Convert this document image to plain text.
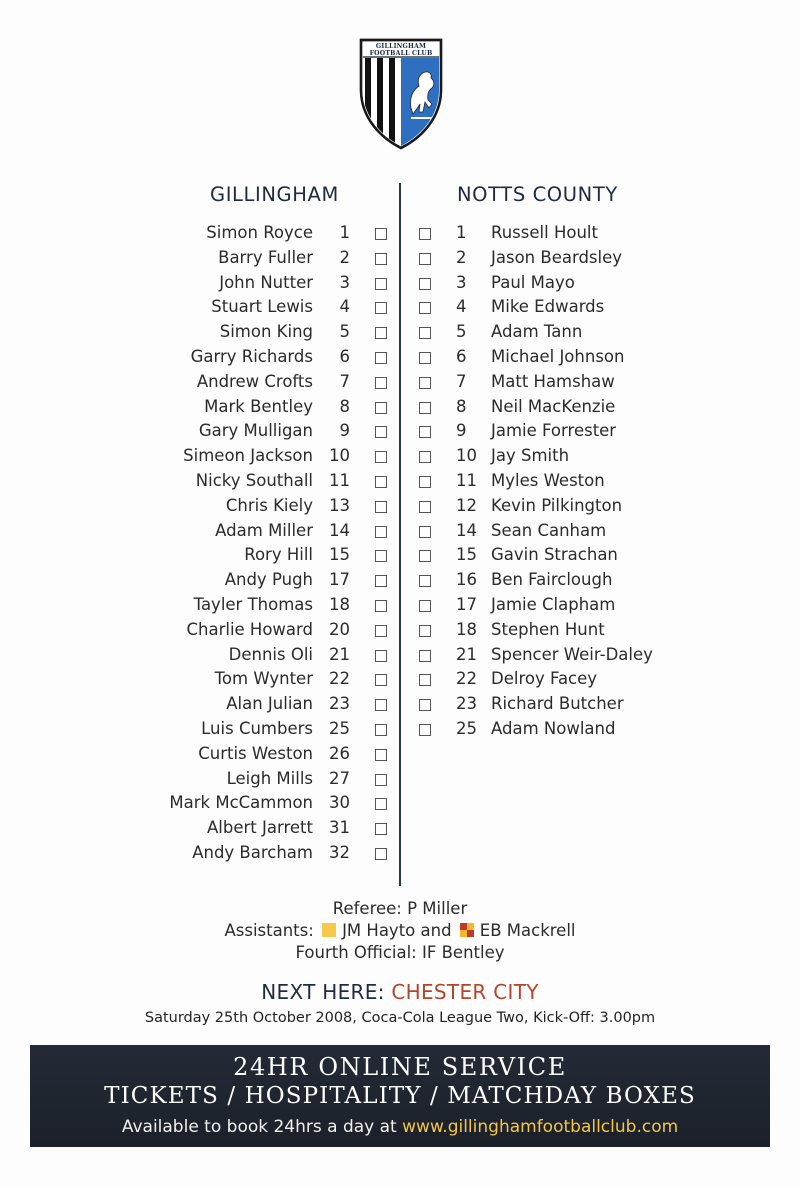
GILLINGHAM
FOOTBALL CLUB
GILLINGHAM	NOTTS COUNTY
Simon Royce	1
Barry Fuller	2
John Nutter	3
Stuart Lewis	4
Simon King	5
Garry Richards	6
Andrew Crofts	7
Mark Bentley	8
Gary Mulligan	9
Simeon Jackson 10
Nicky Southall 11
Chris Kiely 13
Adam Miller 14
Rory Hill 15
Andy Pugh 17
Tayler Thomas 18
Charlie Howard 20
Dennis Oli 21
Tom Wynter 22
Alan Julian 23
Luis Cumbers 25
Curtis Weston 26
Leigh Mills 27
Mark McCammon 30
Albert Jarrett 31
Andy Barcham 32
1 Russell Hoult
2 Jason Beardsley
3 Paul Mayo
4 Mike Edwards
5 Adam Tann
6 Michael Johnson
7 Matt Hamshaw
8 Neil MacKenzie
9 Jamie Forrester
10 Jay Smith
11 Myles Weston
12 Kevin Pilkington
14 Sean Canham
15 Gavin Strachan
16 Ben Fairclough
17 Jamie Clapham
18 Stephen Hunt
21 Spencer Weir-Daley
22 Delroy Facey
23 Richard Butcher
25 Adam Nowland
Referee: P Miller
Assistants: JM Hayto and EB Mackrell
Fourth Official: IF Bentley
NEXT HERE: CHESTER CITY
Saturday 25th October 2008, Coca-Cola League Two, Kick-Off: 3.00pm
24HR ONLINE SERVICE
TICKETS / HOSPITALITY / MATCHDAY BOXES
Available to book 24hrs a day at www.gillinghamfootballclub.com
